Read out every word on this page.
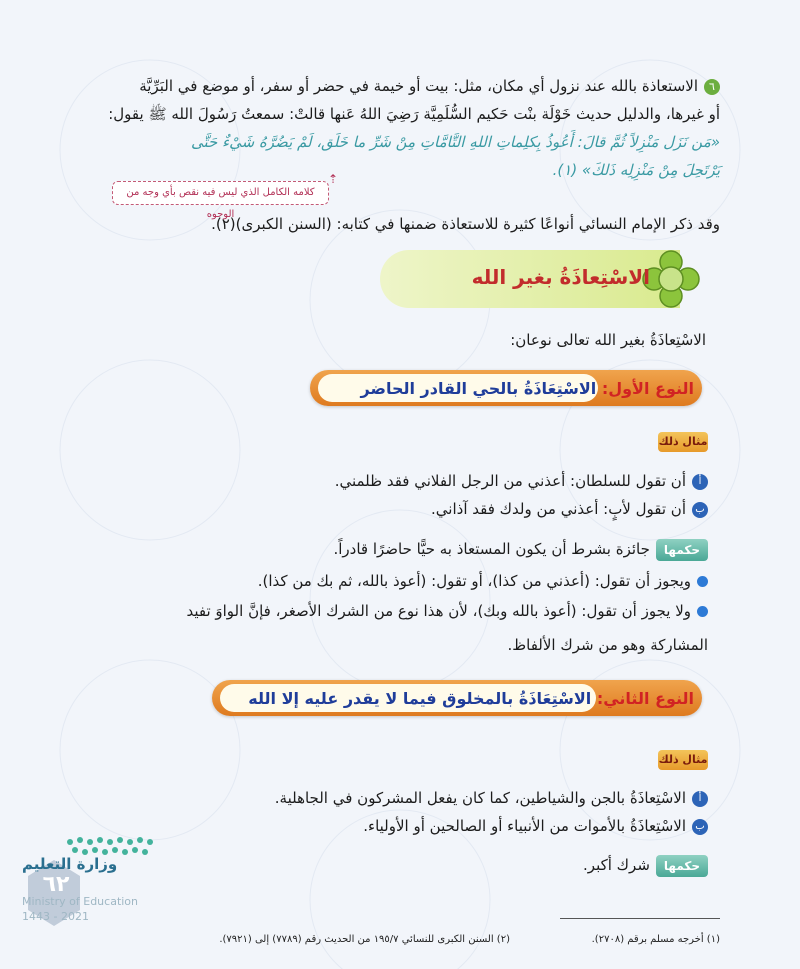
٦الاستعاذة بالله عند نزول أي مكان، مثل: بيت أو خيمة في حضر أو سفر، أو موضع في البَرِّيَّة
أو غيرها، والدليل حديث خَوْلَة بنْت حَكيم السُّلَمِيَّة رَضِيَ اللهُ عَنها قالتْ: سمعتُ رَسُولَ الله ﷺ يقول:
«مَن نَزَل مَنْزِلاً ثُمَّ قالَ: أَعُوذُ بِكلِماتِ اللهِ التَّامَّاتِ مِنْ شَرِّ ما خَلَق، لَمْ يَضُرَّهُ شَيْءٌ حَتَّى
يَرْتَحِلَ مِنْ مَنْزِلِه ذَلكَ» (١).
كلامه الكامل الذي ليس فيه نقص بأي وجه من الوجوه
⇡
وقد ذكر الإمام النسائي أنواعًا كثيرة للاستعاذة ضمنها في كتابه: (السنن الكبرى)(٢).
الاسْتِعاذَةُ بغير الله
الاسْتِعاذَةُ بغير الله تعالى نوعان:
النوع الأول: الاسْتِعَاذَةُ بالحي القادر الحاضر
مثال ذلك
أأن تقول للسلطان: أعذني من الرجل الفلاني فقد ظلمني.
بأن تقول لأبٍ: أعذني من ولدك فقد آذاني.
حكمهاجائزة بشرط أن يكون المستعاذ به حيًّا حاضرًا قادراً.
ويجوز أن تقول: (أعذني من كذا)، أو تقول: (أعوذ بالله، ثم بك من كذا).
ولا يجوز أن تقول: (أعوذ بالله وبك)، لأن هذا نوع من الشرك الأصغر، فإنَّ الواوَ تفيد
المشاركة وهو من شرك الألفاظ.
النوع الثاني: الاسْتِعَاذَةُ بالمخلوق فيما لا يقدر عليه إلا الله
مثال ذلك
أالاسْتِعاذَةُ بالجن والشياطين، كما كان يفعل المشركون في الجاهلية.
بالاسْتِعاذَةُ بالأموات من الأنبياء أو الصالحين أو الأولياء.
حكمهاشرك أكبر.
(١) أخرجه مسلم برقم (٢٧٠٨).
(٢) السنن الكبرى للنسائي ١٩٥/٧ من الحديث رقم (٧٧٨٩) إلى (٧٩٢١).
٦٢
وزارة التعليم
Ministry of Education
2021 - 1443
